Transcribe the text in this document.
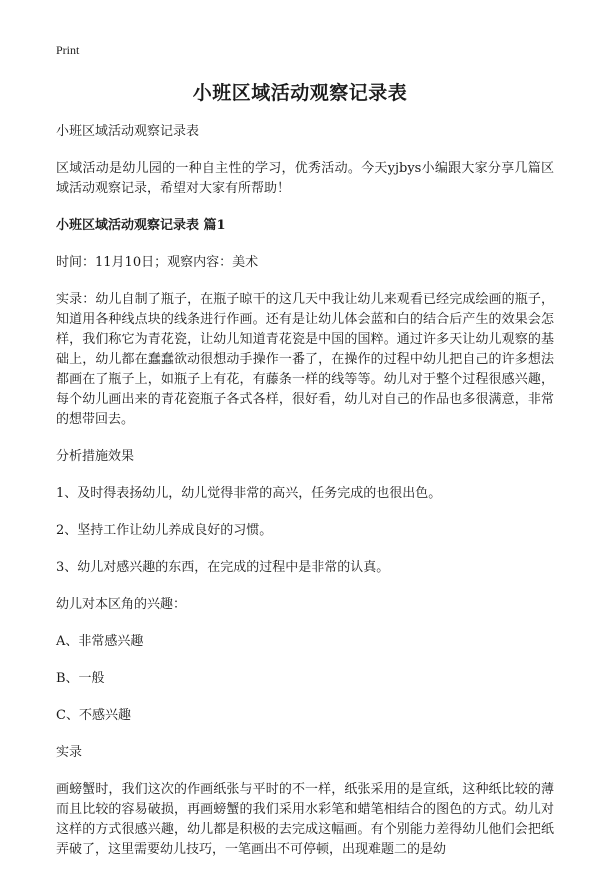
Print
小班区域活动观察记录表

小班区域活动观察记录表

区域活动是幼儿园的一种自主性的学习，优秀活动。今天yjbys小编跟大家分享几篇区域活动观察记录，希望对大家有所帮助！

小班区域活动观察记录表 篇1

时间：11月10日；观察内容：美术

实录：幼儿自制了瓶子，在瓶子晾干的这几天中我让幼儿来观看已经完成绘画的瓶子，知道用各种线点块的线条进行作画。还有是让幼儿体会蓝和白的结合后产生的效果会怎样，我们称它为青花瓷，让幼儿知道青花瓷是中国的国粹。通过许多天让幼儿观察的基础上，幼儿都在蠢蠢欲动很想动手操作一番了，在操作的过程中幼儿把自己的许多想法都画在了瓶子上，如瓶子上有花，有藤条一样的线等等。幼儿对于整个过程很感兴趣，每个幼儿画出来的青花瓷瓶子各式各样，很好看，幼儿对自己的作品也多很满意，非常的想带回去。

分析措施效果

1、及时得表扬幼儿，幼儿觉得非常的高兴，任务完成的也很出色。

2、坚持工作让幼儿养成良好的习惯。

3、幼儿对感兴趣的东西，在完成的过程中是非常的认真。

幼儿对本区角的兴趣：

A、非常感兴趣

B、一般

C、不感兴趣

实录

画螃蟹时，我们这次的作画纸张与平时的不一样，纸张采用的是宣纸，这种纸比较的薄而且比较的容易破损，再画螃蟹的我们采用水彩笔和蜡笔相结合的图色的方式。幼儿对这样的方式很感兴趣，幼儿都是积极的去完成这幅画。有个别能力差得幼儿他们会把纸弄破了，这里需要幼儿技巧，一笔画出不可停顿，出现难题二的是幼
